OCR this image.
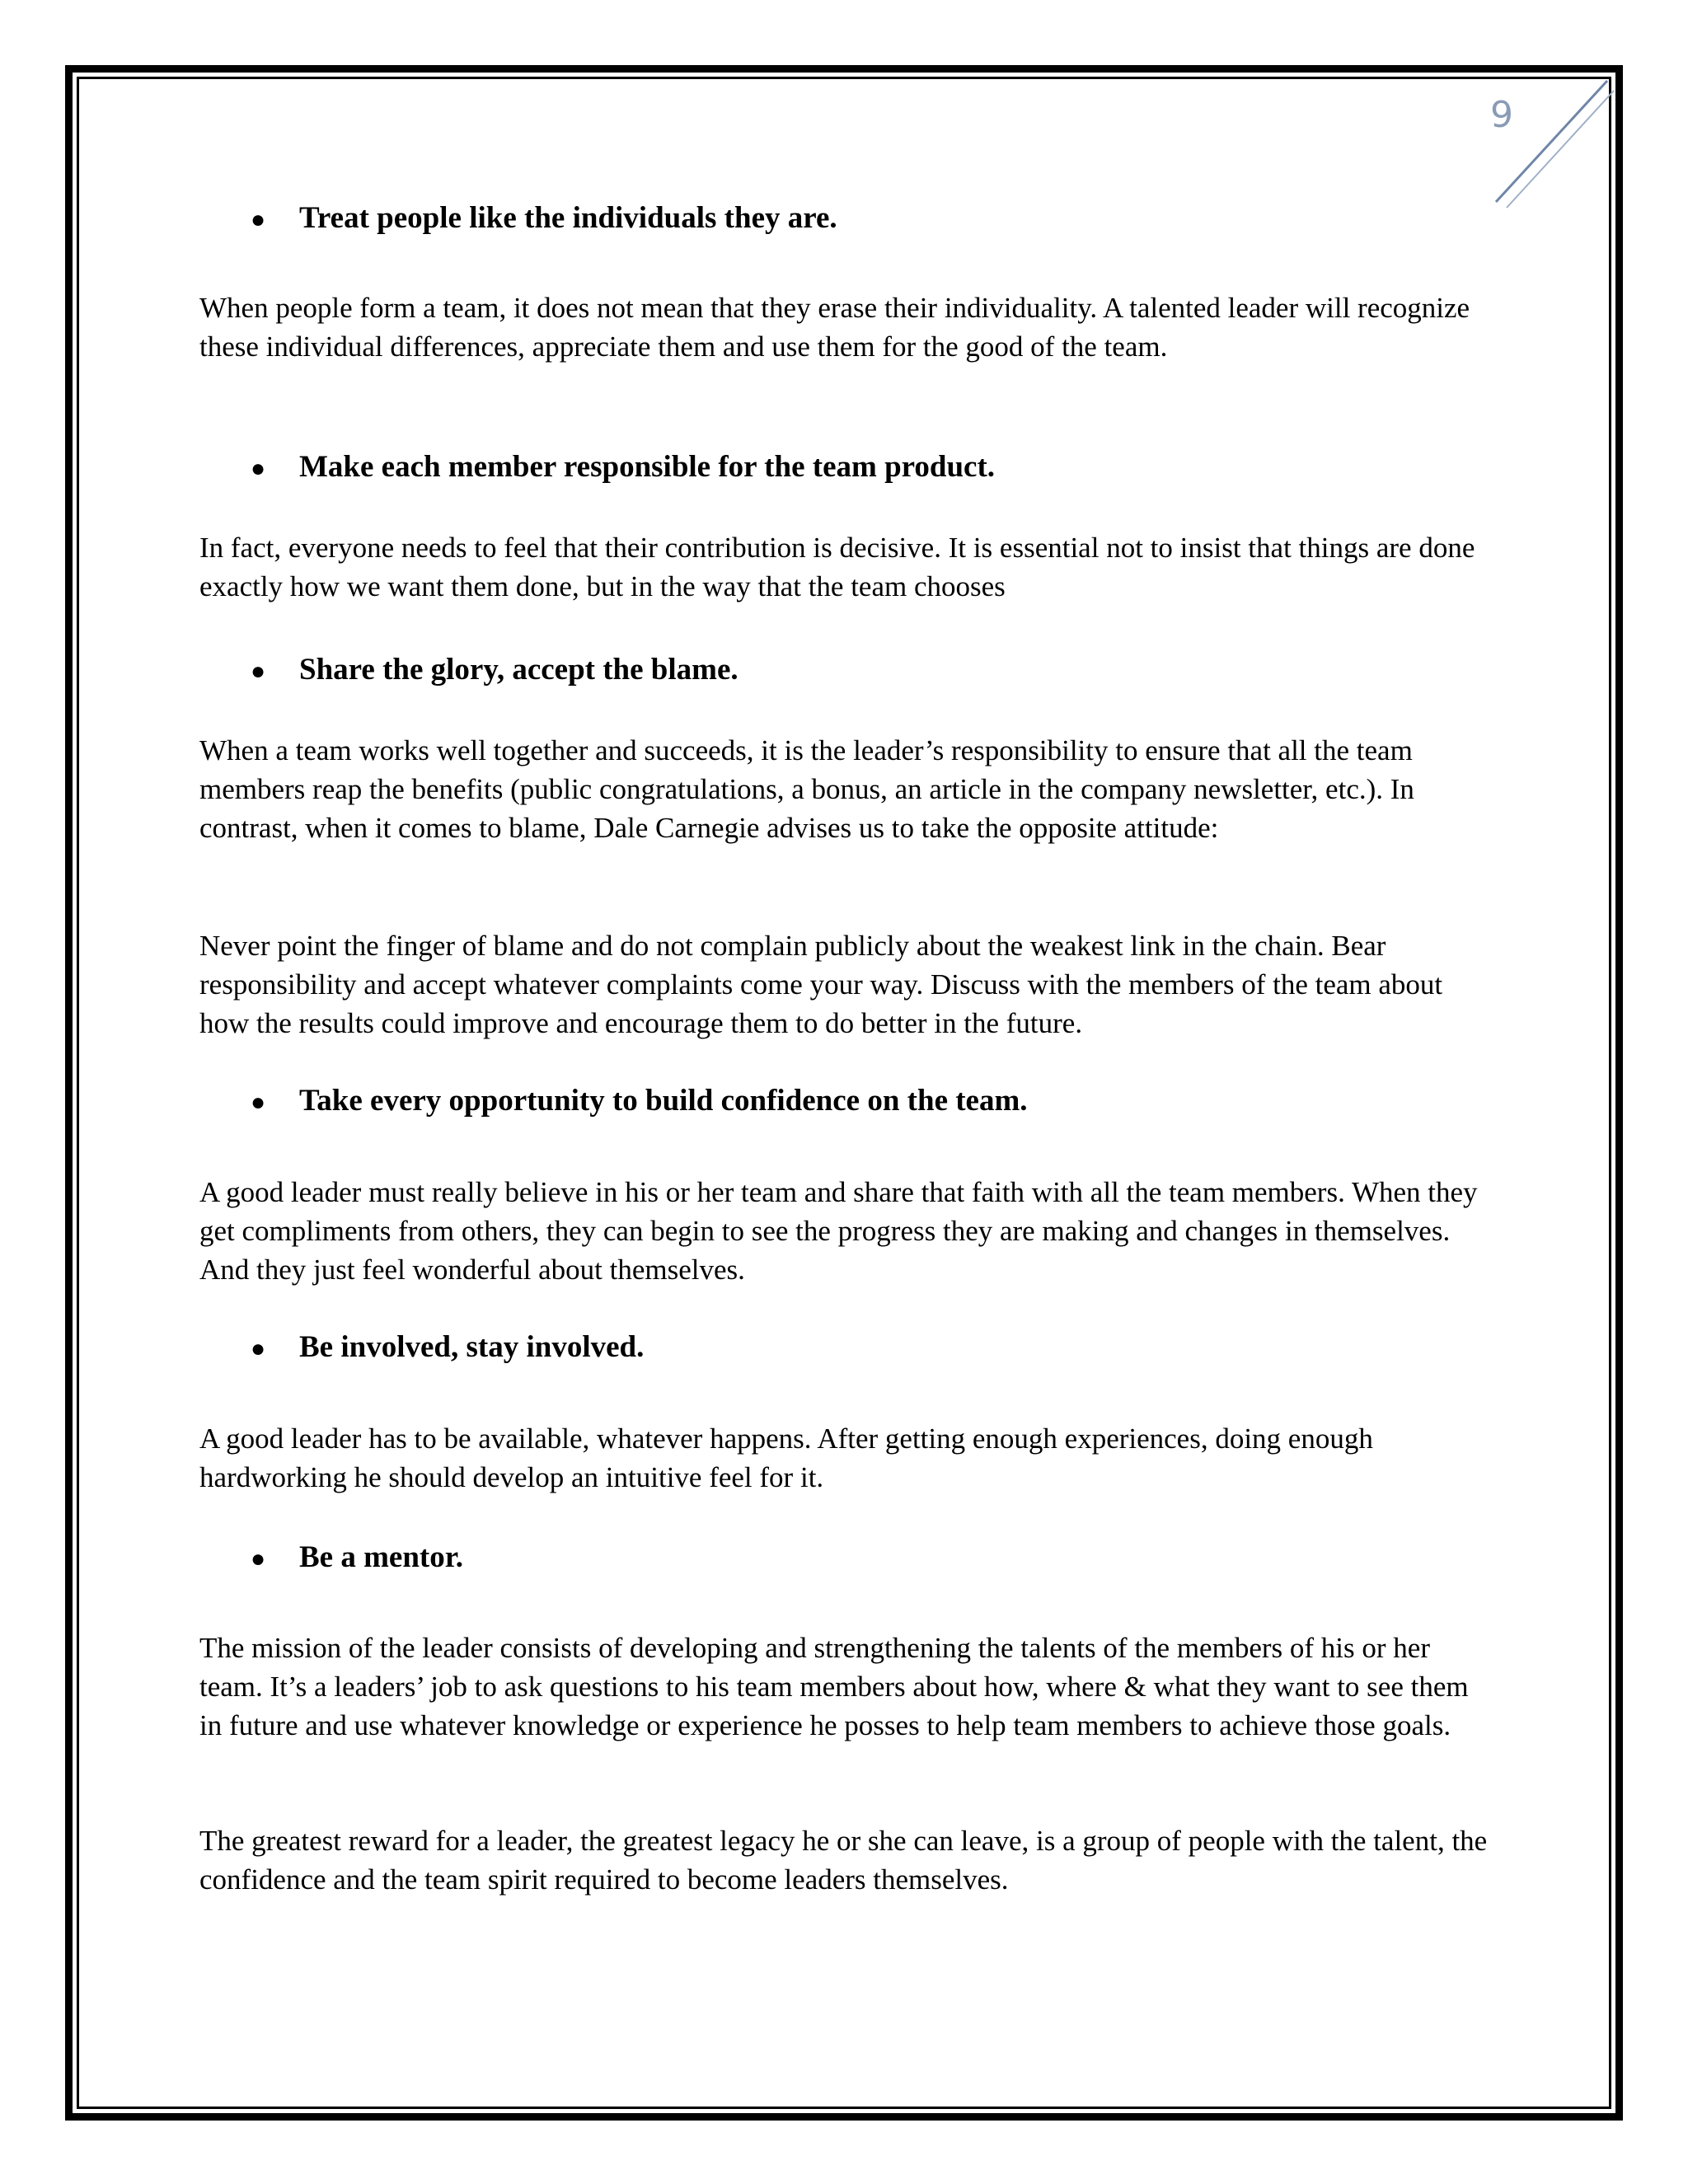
9
●	Treat people like the individuals they are.

When people form a team, it does not mean that they erase their individuality. A talented leader will recognize these individual differences, appreciate them and use them for the good of the team.

●	Make each member responsible for the team product.

In fact, everyone needs to feel that their contribution is decisive. It is essential not to insist that things are done exactly how we want them done, but in the way that the team chooses

●	Share the glory, accept the blame.

When a team works well together and succeeds, it is the leader’s responsibility to ensure that all the team members reap the benefits (public congratulations, a bonus, an article in the company newsletter, etc.). In contrast, when it comes to blame, Dale Carnegie advises us to take the opposite attitude:

Never point the finger of blame and do not complain publicly about the weakest link in the chain. Bear responsibility and accept whatever complaints come your way. Discuss with the members of the team about how the results could improve and encourage them to do better in the future.

●	Take every opportunity to build confidence on the team.

A good leader must really believe in his or her team and share that faith with all the team members. When they get compliments from others, they can begin to see the progress they are making and changes in themselves. And they just feel wonderful about themselves.

●	Be involved, stay involved.

A good leader has to be available, whatever happens. After getting enough experiences, doing enough hardworking he should develop an intuitive feel for it.

●	Be a mentor.

The mission of the leader consists of developing and strengthening the talents of the members of his or her team. It’s a leaders’ job to ask questions to his team members about how, where & what they want to see them in future and use whatever knowledge or experience he posses to help team members to achieve those goals.

The greatest reward for a leader, the greatest legacy he or she can leave, is a group of people with the talent, the confidence and the team spirit required to become leaders themselves.
